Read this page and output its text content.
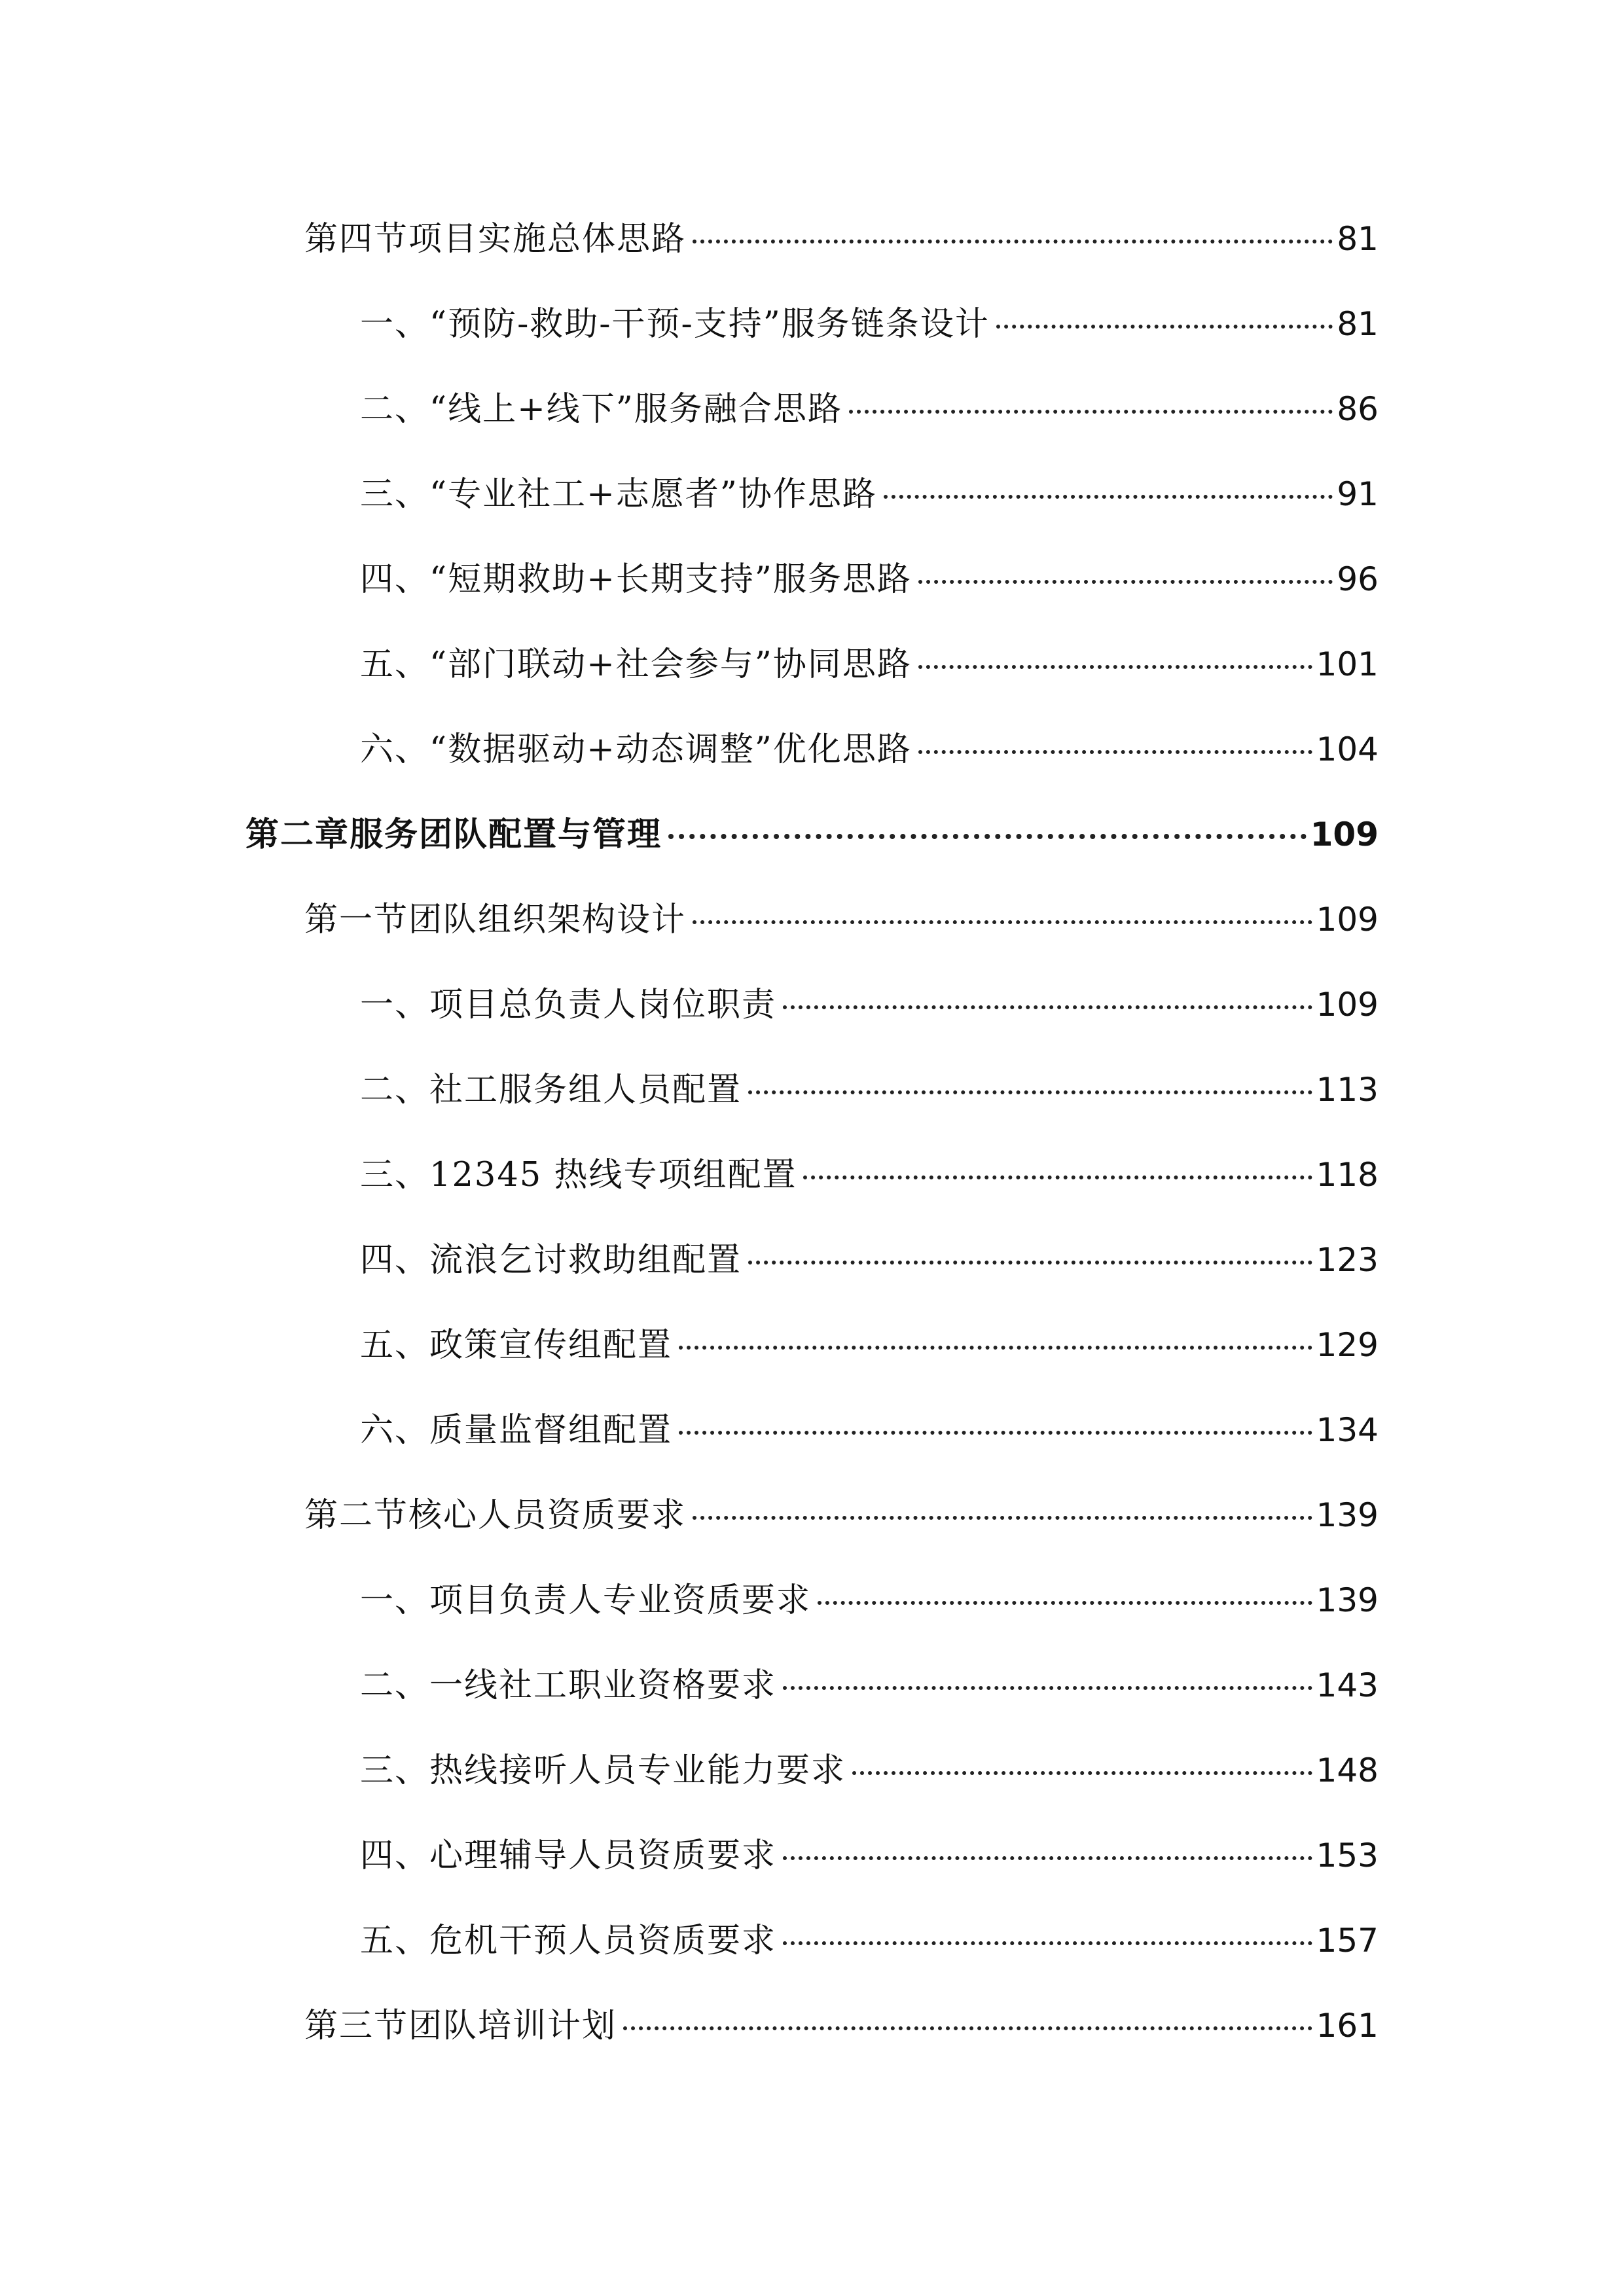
第四节项目实施总体思路	81
一、“预防-救助-干预-支持”服务链条设计	81
二、“线上+线下”服务融合思路	86
三、“专业社工+志愿者”协作思路	91
四、“短期救助+长期支持”服务思路	96
五、“部门联动+社会参与”协同思路	101
六、“数据驱动+动态调整”优化思路	104
第二章服务团队配置与管理	109
第一节团队组织架构设计	109
一、项目总负责人岗位职责	109
二、社工服务组人员配置	113
三、12345 热线专项组配置	118
四、流浪乞讨救助组配置	123
五、政策宣传组配置	129
六、质量监督组配置	134
第二节核心人员资质要求	139
一、项目负责人专业资质要求	139
二、一线社工职业资格要求	143
三、热线接听人员专业能力要求	148
四、心理辅导人员资质要求	153
五、危机干预人员资质要求	157
第三节团队培训计划	161
